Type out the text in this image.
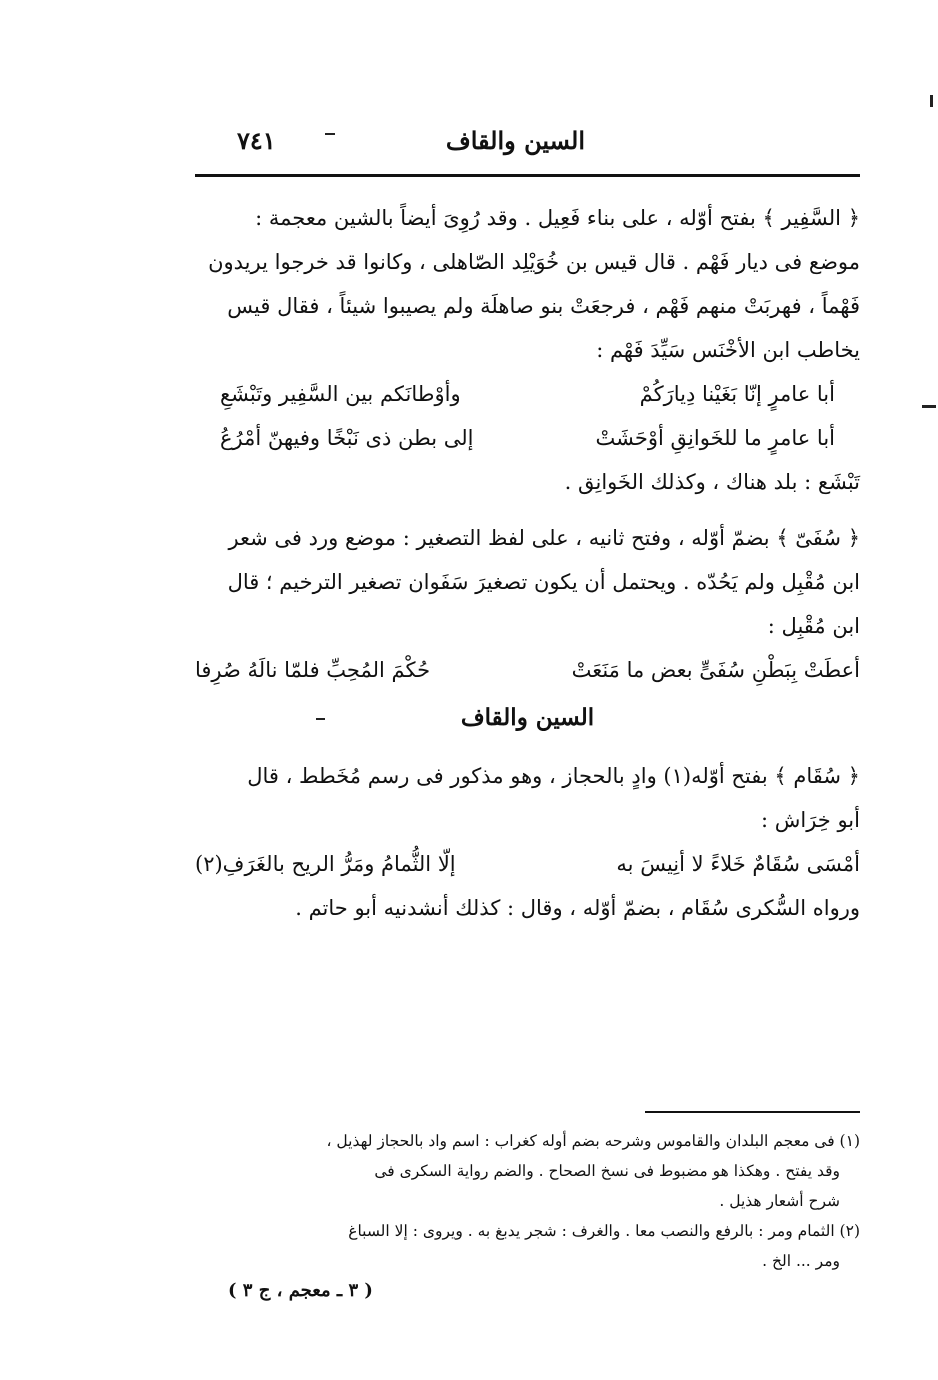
السين والقاف
٧٤١

﴿ السَّفِير ﴾ بفتح أوّله ، على بناء فَعِيل . وقد رُوِىَ أيضاً بالشين معجمة :

موضع فى ديار فَهْم . قال قيس بن خُوَيْلِد الصّاهلى ، وكانوا قد خرجوا يريدون

فَهْماً ، فهربَتْ منهم فَهْم ، فرجعَتْ بنو صاهلَة ولم يصيبوا شيئاً ، فقال قيس

يخاطب ابن الأخْنَس سَيِّدَ فَهْم :

أبا عامرٍ إنّا بَغَيْنا دِيارَكُمْ
وأوْطانَكم بين السَّفِير وتَبْشَعِ
أبا عامرٍ ما للخَوانِقِ أوْحَشَتْ
إلى بطن ذى نَبْخًا وفيهنّ أمْرُعُ

تَبْشَع : بلد هناك ، وكذلك الخَوانِق .

﴿ سُفَىّ ﴾ بضمّ أوّله ، وفتح ثانيه ، على لفظ التصغير : موضع ورد فى شعر

ابن مُقْبِل ولم يَحُدّه . ويحتمل أن يكون تصغيرَ سَفَوان تصغير الترخيم ؛ قال

ابن مُقْبِل :

أعطَتْ بِبَطْنِ سُفَىٍّ بعض ما مَنَعَتْ
حُكْمَ المُحِبِّ فلمّا نالَهُ صُرِفا
السين والقاف

﴿ سُقَام ﴾ بفتح أوّله(١) وادٍ بالحجاز ، وهو مذكور فى رسم مُخَطط ، قال

أبو خِرَاش :

أمْسَى سُقَامٌ خَلاءً لا أنِيسَ به
إلّا الثُّمامُ ومَرُّ الريح بالغَرَفِ(٢)

ورواه السُّكرى سُقَام ، بضمّ أوّله ، وقال : كذلك أنشدنيه أبو حاتم .

(١) فى معجم البلدان والقاموس وشرحه بضم أوله كغراب : اسم واد بالحجاز لهذيل ،

وقد يفتح . وهكذا هو مضبوط فى نسخ الصحاح . والضم رواية السكرى فى

شرح أشعار هذيل .

(٢) الثمام ومر : بالرفع والنصب معا . والغرف : شجر يدبغ به . ويروى : إلا السباغ

ومر ... الخ .

( ٣ ـ معجم ، ج ٣ )
